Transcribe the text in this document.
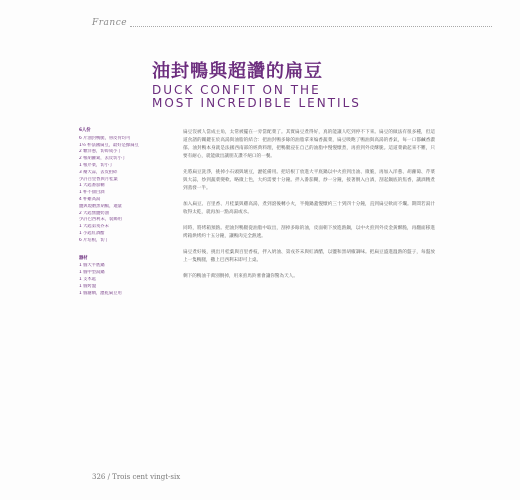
France
油封鴨與超讚的扁豆
DUCK CONFIT ON THE
MOST INCREDIBLE LENTILS
6人份
6 片油封鴨腿，帶皮骨均可
1½ 杯法國扁豆，最好是綠扁豆
2 顆洋蔥，切碎成小丁
2 根胡蘿蔔，去皮切小丁
1 根芹菜，切小丁
3 瓣大蒜，去皮拍碎
少許百里香與月桂葉
1 大匙番茄糊
1 杯不甜白酒
4 杯雞高湯
鹽與現磨黑胡椒，適量
2 大匙無鹽奶油
少許巴西利末，裝飾用
1 大匙第戎芥末
1 小匙紅酒醋
6 片培根，切丁
器材
1 個大平底鍋
1 個中型湯鍋
1 支木匙
1 個烤盤
1 個濾網，瀝乾扁豆用

扁豆沒被人當成主角，太常被擺在一旁當配菜了。其實扁豆煮得好，真的能讓人吃到停不下來。扁豆的做法有很多種，但這道食譜的關鍵在於高湯與油脂的結合：把油封鴨多餘的油脂拿來煸香蔬菜，扁豆吸飽了鴨油與高湯的香氣，每一口都鹹香濃郁。油封鴨本身就是法國西南部的經典料理，把鴨腿浸在自己的油脂中慢慢燉煮，再煎到外皮酥脆。這道菜做起來不難，只要有耐心，就能做出讓朋友讚不絕口的一餐。

先將扁豆洗淨，挑掉小石頭與壞豆，瀝乾備用。把培根丁放進大平底鍋以中火煎到出油、微脆，再加入洋蔥、胡蘿蔔、芹菜與大蒜，炒到蔬菜變軟、略微上色，大約需要十分鐘。拌入番茄糊，炒一分鐘，接著倒入白酒，刮起鍋底的焦香，讓酒精煮到蒸發一半。

加入扁豆、百里香、月桂葉與雞高湯，煮到滾後轉小火，半掩鍋蓋慢燉約三十到四十分鐘，直到扁豆軟而不爛。期間若湯汁收得太乾，就再加一點高湯或水。

同時，將烤箱預熱。把油封鴨腿從油脂中取出，刮掉多餘的油，皮面朝下放進熱鍋，以中火煎到外皮金黃酥脆，再翻面移進烤箱烘烤約十五分鐘，讓鴨肉完全熱透。

扁豆煮好後，挑出月桂葉與百里香枝，拌入奶油、第戎芥末與紅酒醋，以鹽和黑胡椒調味。把扁豆盛進溫熱的盤子，每盤放上一隻鴨腿，撒上巴西利末即可上桌。

剩下的鴨油千萬別倒掉，用來煎馬鈴薯會讓你驚為天人。

326 / Trois cent vingt-six
